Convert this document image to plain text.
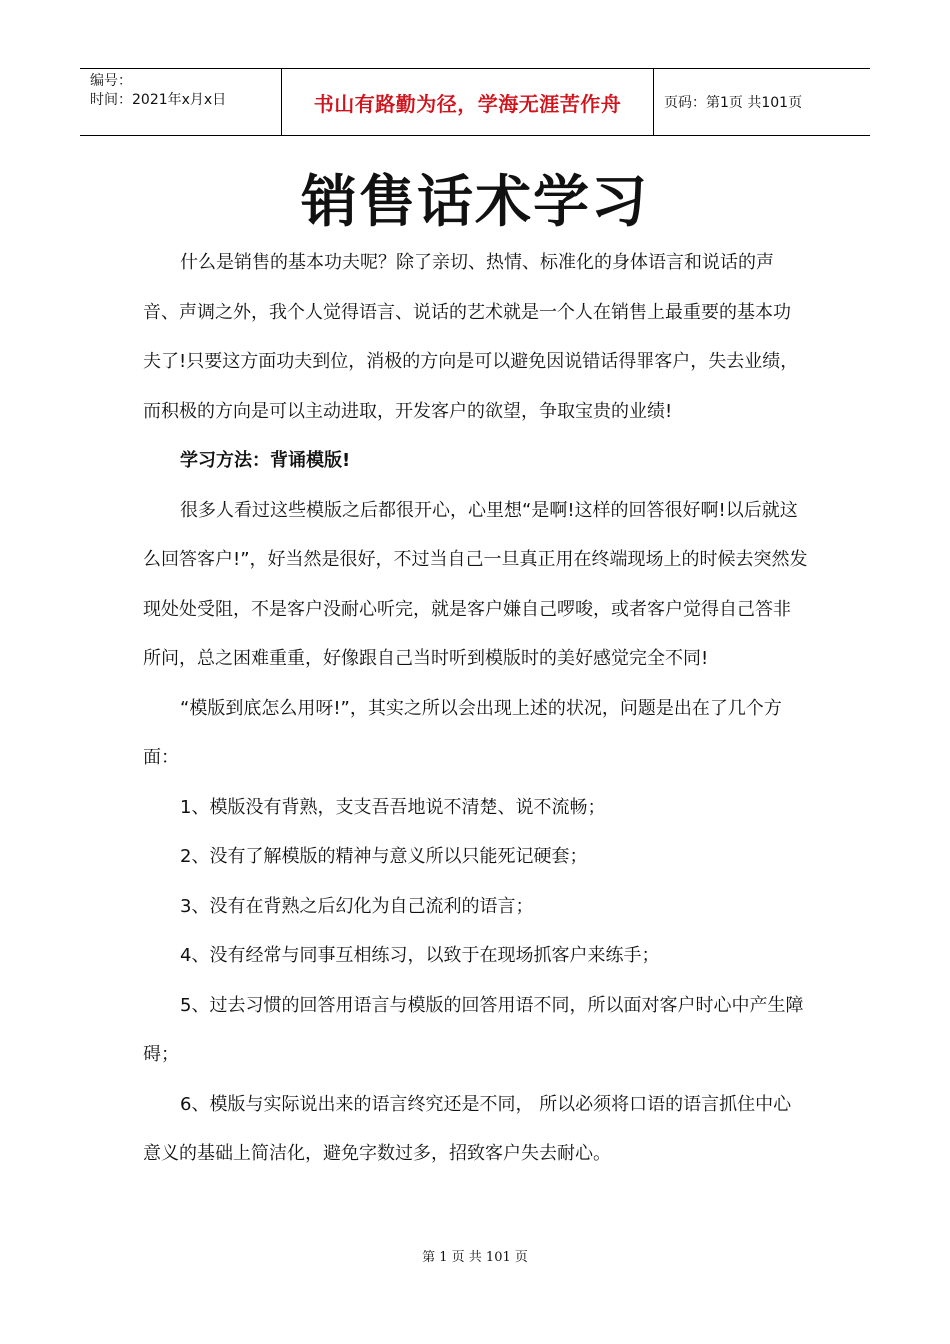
编号：
时间：2021年x月x日	书山有路勤为径，学海无涯苦作舟	页码：第1页 共101页
销售话术学习

什么是销售的基本功夫呢？除了亲切、热情、标准化的身体语言和说话的声音、声调之外，我个人觉得语言、说话的艺术就是一个人在销售上最重要的基本功夫了!只要这方面功夫到位，消极的方向是可以避免因说错话得罪客户，失去业绩，而积极的方向是可以主动进取，开发客户的欲望，争取宝贵的业绩!

学习方法：背诵模版!

很多人看过这些模版之后都很开心，心里想“是啊!这样的回答很好啊!以后就这么回答客户!”，好当然是很好，不过当自己一旦真正用在终端现场上的时候去突然发现处处受阻，不是客户没耐心听完，就是客户嫌自己啰唆，或者客户觉得自己答非所问，总之困难重重，好像跟自己当时听到模版时的美好感觉完全不同!

“模版到底怎么用呀!”，其实之所以会出现上述的状况，问题是出在了几个方面：

1、模版没有背熟，支支吾吾地说不清楚、说不流畅；

2、没有了解模版的精神与意义所以只能死记硬套；

3、没有在背熟之后幻化为自己流利的语言；

4、没有经常与同事互相练习，以致于在现场抓客户来练手；

5、过去习惯的回答用语言与模版的回答用语不同，所以面对客户时心中产生障碍；

6、模版与实际说出来的语言终究还是不同， 所以必须将口语的语言抓住中心意义的基础上简洁化，避免字数过多，招致客户失去耐心。

第 1 页 共 101 页
